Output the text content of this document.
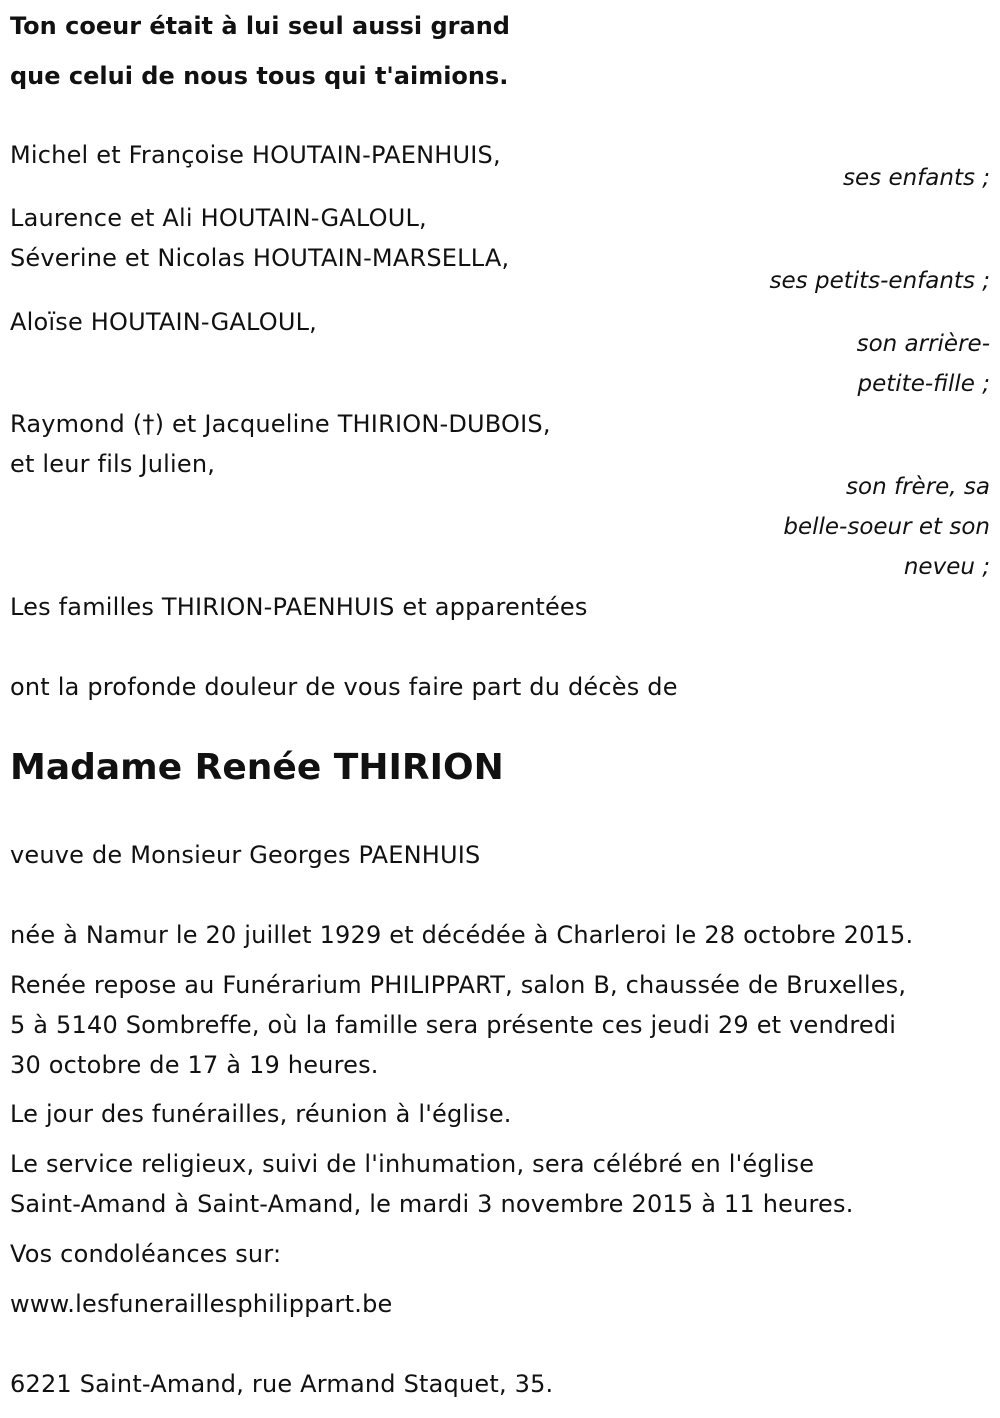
Ton coeur était à lui seul aussi grand
que celui de nous tous qui t'aimions.
Michel et Françoise HOUTAIN-PAENHUIS,
ses enfants ;
Laurence et Ali HOUTAIN-GALOUL,
Séverine et Nicolas HOUTAIN-MARSELLA,
ses petits-enfants ;
Aloïse HOUTAIN-GALOUL,
son arrière-
petite-fille ;
Raymond (†) et Jacqueline THIRION-DUBOIS,
et leur fils Julien,
son frère, sa
belle-soeur et son
neveu ;
Les familles THIRION-PAENHUIS et apparentées
ont la profonde douleur de vous faire part du décès de
Madame Renée THIRION
veuve de Monsieur Georges PAENHUIS
née à Namur le 20 juillet 1929 et décédée à Charleroi le 28 octobre 2015.
Renée repose au Funérarium PHILIPPART, salon B, chaussée de Bruxelles,
5 à 5140 Sombreffe, où la famille sera présente ces jeudi 29 et vendredi
30 octobre de 17 à 19 heures.
Le jour des funérailles, réunion à l'église.
Le service religieux, suivi de l'inhumation, sera célébré en l'église
Saint-Amand à Saint-Amand, le mardi 3 novembre 2015 à 11 heures.
Vos condoléances sur:
www.lesfuneraillesphilippart.be
6221 Saint-Amand, rue Armand Staquet, 35.
